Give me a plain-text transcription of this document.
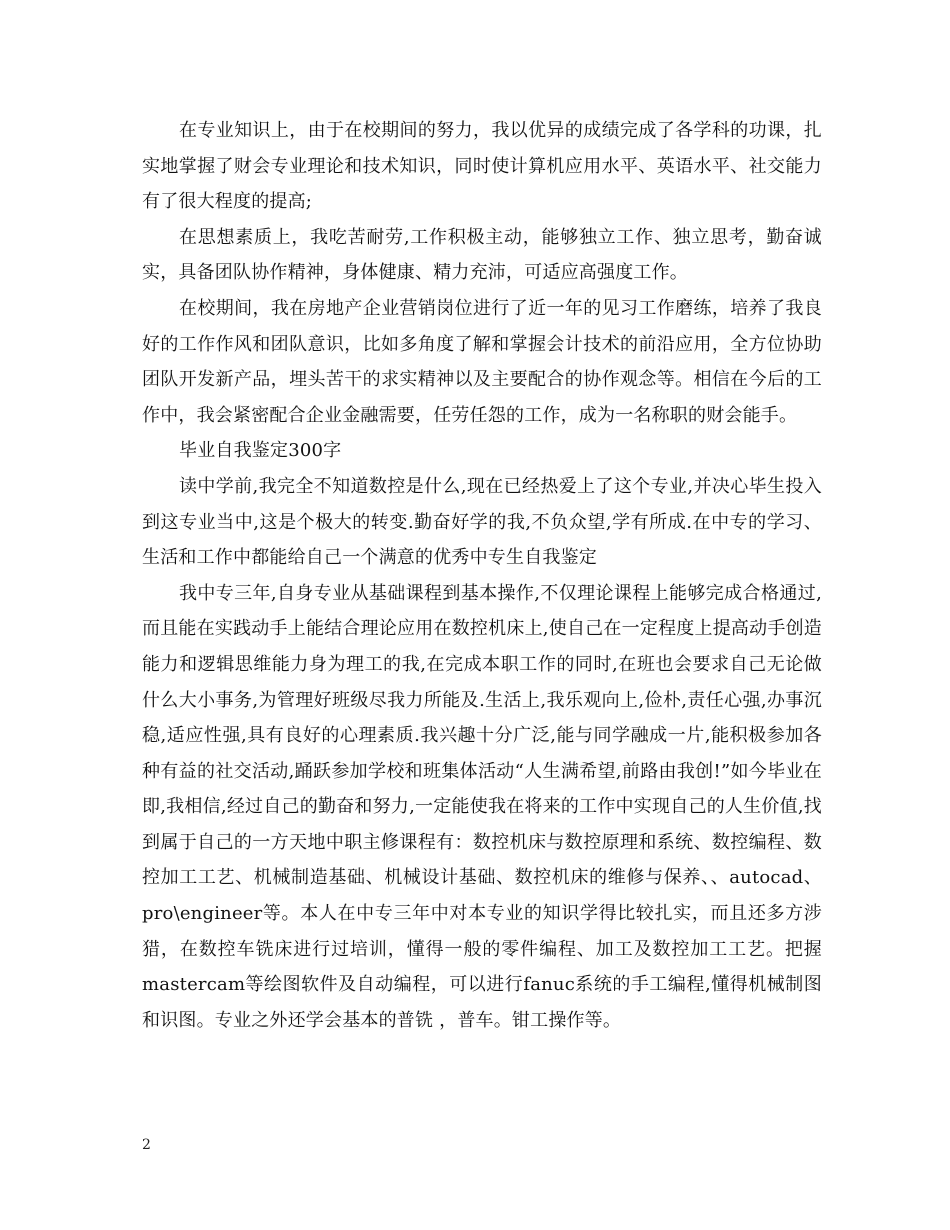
在专业知识上，由于在校期间的努力，我以优异的成绩完成了各学科的功课，扎实地掌握了财会专业理论和技术知识，同时使计算机应用水平、英语水平、社交能力有了很大程度的提高;

在思想素质上，我吃苦耐劳,工作积极主动，能够独立工作、独立思考，勤奋诚实，具备团队协作精神，身体健康、精力充沛，可适应高强度工作。

在校期间，我在房地产企业营销岗位进行了近一年的见习工作磨练，培养了我良好的工作作风和团队意识，比如多角度了解和掌握会计技术的前沿应用，全方位协助团队开发新产品，埋头苦干的求实精神以及主要配合的协作观念等。相信在今后的工作中，我会紧密配合企业金融需要，任劳任怨的工作，成为一名称职的财会能手。

毕业自我鉴定300字

读中学前,我完全不知道数控是什么,现在已经热爱上了这个专业,并决心毕生投入到这专业当中,这是个极大的转变.勤奋好学的我,不负众望,学有所成.在中专的学习、生活和工作中都能给自己一个满意的优秀中专生自我鉴定

我中专三年,自身专业从基础课程到基本操作,不仅理论课程上能够完成合格通过,而且能在实践动手上能结合理论应用在数控机床上,使自己在一定程度上提高动手创造能力和逻辑思维能力身为理工的我,在完成本职工作的同时,在班也会要求自己无论做什么大小事务,为管理好班级尽我力所能及.生活上,我乐观向上,俭朴,责任心强,办事沉稳,适应性强,具有良好的心理素质.我兴趣十分广泛,能与同学融成一片,能积极参加各种有益的社交活动,踊跃参加学校和班集体活动“人生满希望,前路由我创!”如今毕业在即,我相信,经过自己的勤奋和努力,一定能使我在将来的工作中实现自己的人生价值,找到属于自己的一方天地中职主修课程有：数控机床与数控原理和系统、数控编程、数控加工工艺、机械制造基础、机械设计基础、数控机床的维修与保养、、autocad、pro\engineer等。本人在中专三年中对本专业的知识学得比较扎实，而且还多方涉猎，在数控车铣床进行过培训，懂得一般的零件编程、加工及数控加工工艺。把握mastercam等绘图软件及自动编程，可以进行fanuc系统的手工编程,懂得机械制图和识图。专业之外还学会基本的普铣 ，普车。钳工操作等。

2
